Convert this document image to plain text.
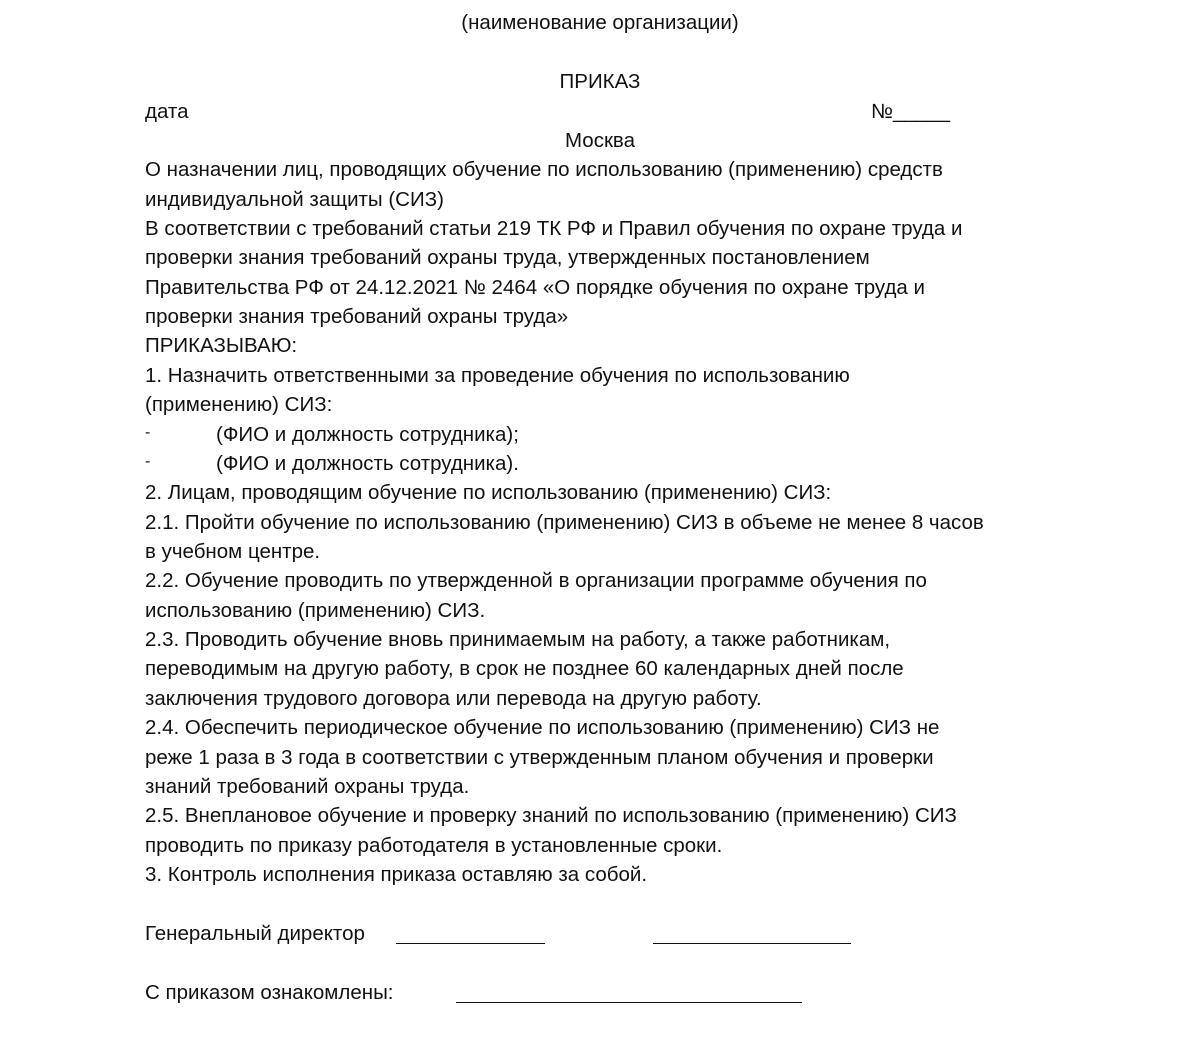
(наименование организации)
ПРИКАЗ
дата	№_____
Москва
О назначении лиц, проводящих обучение по использованию (применению) средств
индивидуальной защиты (СИЗ)
В соответствии с требований статьи 219 ТК РФ и Правил обучения по охране труда и
проверки знания требований охраны труда, утвержденных постановлением
Правительства РФ от 24.12.2021 № 2464 «О порядке обучения по охране труда и
проверки знания требований охраны труда»
ПРИКАЗЫВАЮ:
1. Назначить ответственными за проведение обучения по использованию
(применению) СИЗ:
-	(ФИО и должность сотрудника);
-	(ФИО и должность сотрудника).
2. Лицам, проводящим обучение по использованию (применению) СИЗ:
2.1. Пройти обучение по использованию (применению) СИЗ в объеме не менее 8 часов
в учебном центре.
2.2. Обучение проводить по утвержденной в организации программе обучения по
использованию (применению) СИЗ.
2.3. Проводить обучение вновь принимаемым на работу, а также работникам,
переводимым на другую работу, в срок не позднее 60 календарных дней после
заключения трудового договора или перевода на другую работу.
2.4. Обеспечить периодическое обучение по использованию (применению) СИЗ не
реже 1 раза в 3 года в соответствии с утвержденным планом обучения и проверки
знаний требований охраны труда.
2.5. Внеплановое обучение и проверку знаний по использованию (применению) СИЗ
проводить по приказу работодателя в установленные сроки.
3. Контроль исполнения приказа оставляю за собой.
Генеральный директор
С приказом ознакомлены:
